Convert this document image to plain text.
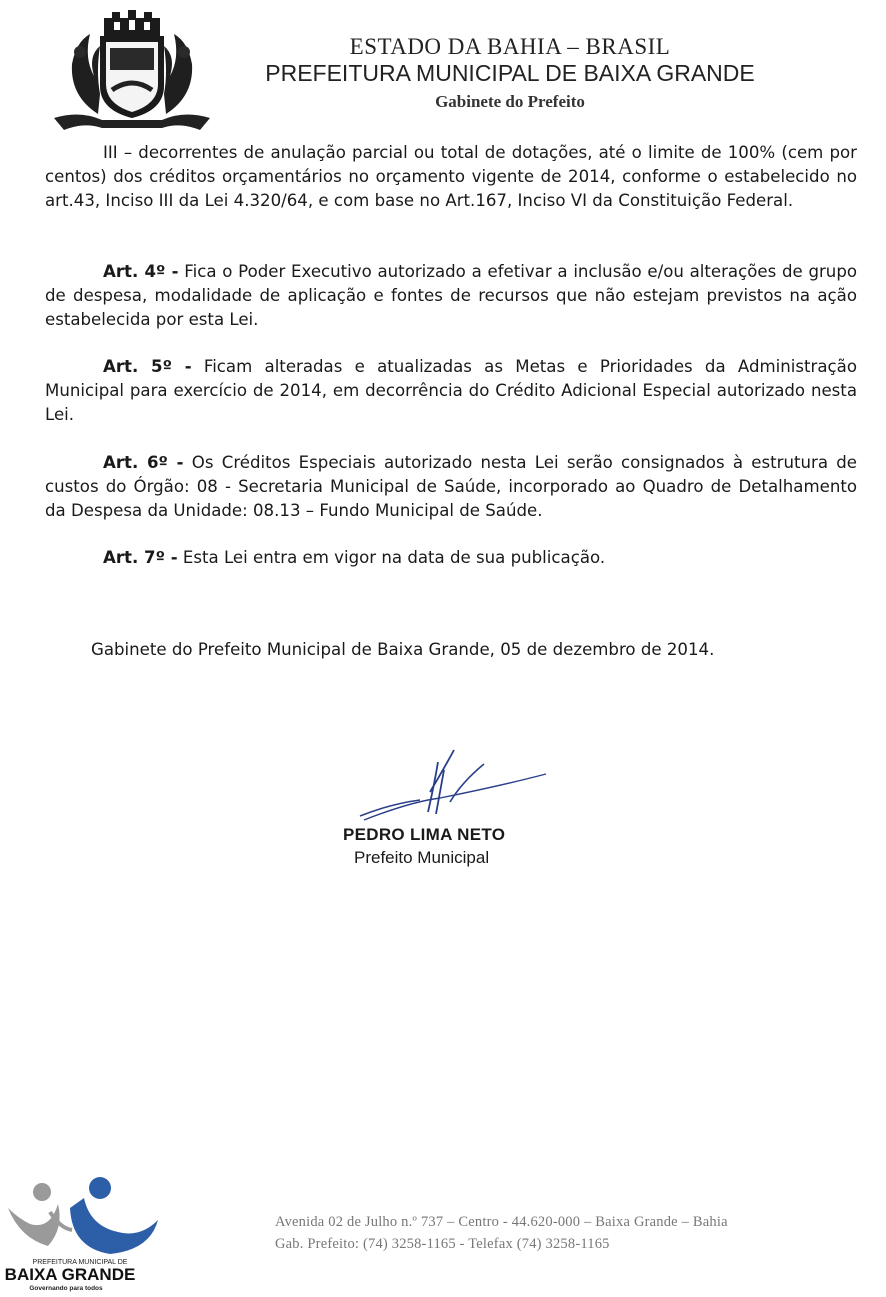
ESTADO DA BAHIA – BRASIL
PREFEITURA MUNICIPAL DE BAIXA GRANDE
Gabinete do Prefeito
III – decorrentes de anulação parcial ou total de dotações, até o limite de 100% (cem por centos) dos créditos orçamentários no orçamento vigente de 2014, conforme o estabelecido no art.43, Inciso III da Lei 4.320/64, e com base no Art.167, Inciso VI da Constituição Federal.
Art. 4º - Fica o Poder Executivo autorizado a efetivar a inclusão e/ou alterações de grupo de despesa, modalidade de aplicação e fontes de recursos que não estejam previstos na ação estabelecida por esta Lei.
Art. 5º - Ficam alteradas e atualizadas as Metas e Prioridades da Administração Municipal para exercício de 2014, em decorrência do Crédito Adicional Especial autorizado nesta Lei.
Art. 6º - Os Créditos Especiais autorizado nesta Lei serão consignados à estrutura de custos do Órgão: 08 - Secretaria Municipal de Saúde, incorporado ao Quadro de Detalhamento da Despesa da Unidade: 08.13 – Fundo Municipal de Saúde.
Art. 7º - Esta Lei entra em vigor na data de sua publicação.
Gabinete do Prefeito Municipal de Baixa Grande, 05 de dezembro de 2014.
PEDRO LIMA NETO
Prefeito Municipal
PREFEITURA MUNICIPAL DE
BAIXA GRANDE
Governando para todos
Avenida 02 de Julho n.º 737 – Centro - 44.620-000 – Baixa Grande – Bahia
Gab. Prefeito: (74) 3258-1165 - Telefax (74) 3258-1165
